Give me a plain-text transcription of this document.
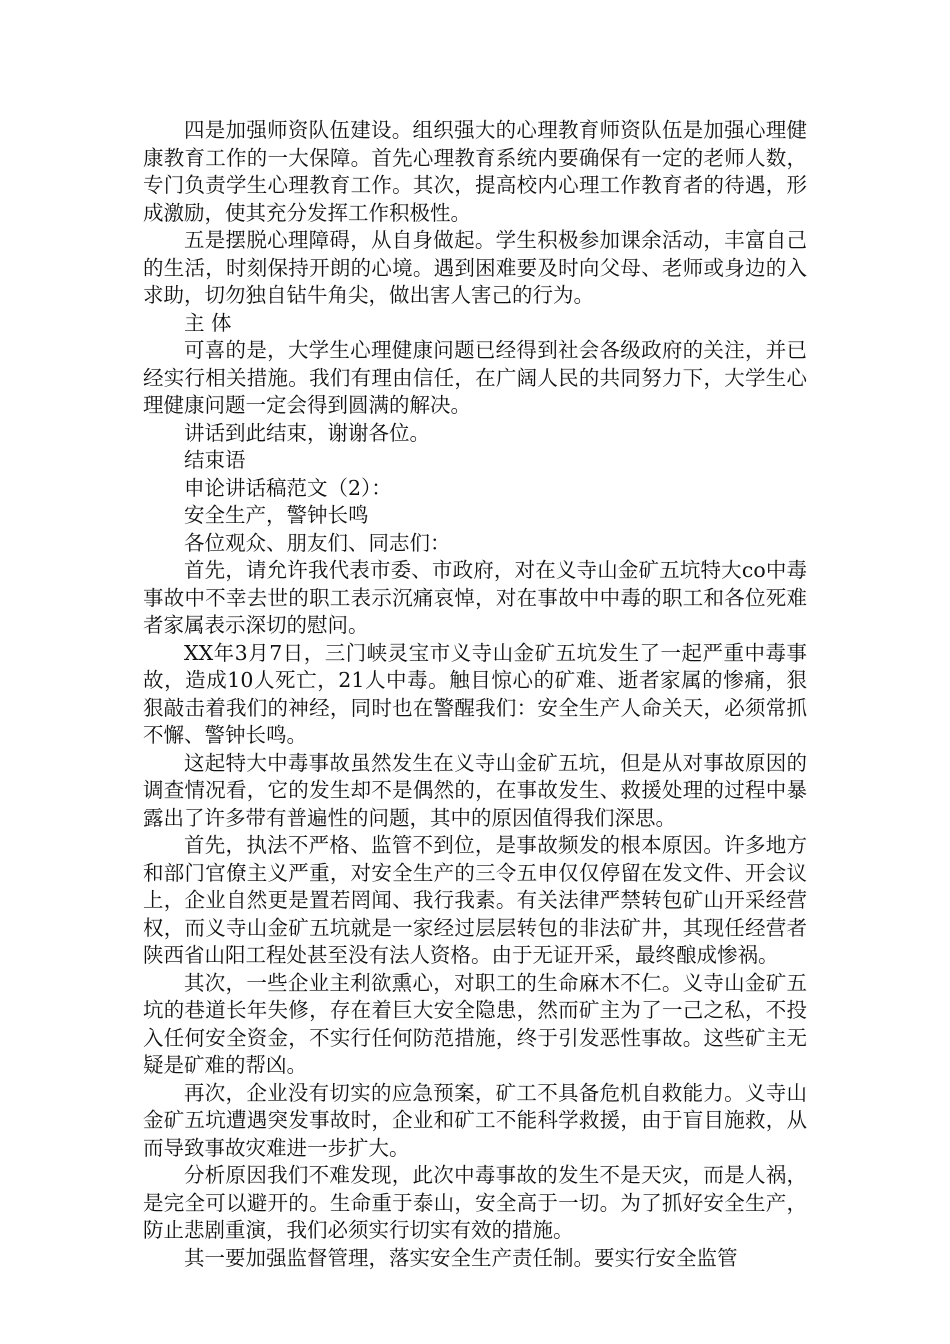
四是加强师资队伍建设。组织强大的心理教育师资队伍是加强心理健康教育工作的一大保障。首先心理教育系统内要确保有一定的老师人数，专门负责学生心理教育工作。其次，提高校内心理工作教育者的待遇，形成激励，使其充分发挥工作积极性。

五是摆脱心理障碍，从自身做起。学生积极参加课余活动，丰富自己的生活，时刻保持开朗的心境。遇到困难要及时向父母、老师或身边的入求助，切勿独自钻牛角尖，做出害人害己的行为。

主 体

可喜的是，大学生心理健康问题已经得到社会各级政府的关注，并已经实行相关措施。我们有理由信任，在广阔人民的共同努力下，大学生心理健康问题一定会得到圆满的解决。

讲话到此结束，谢谢各位。

结束语

申论讲话稿范文（2）：

安全生产，警钟长鸣

各位观众、朋友们、同志们：

首先，请允许我代表市委、市政府，对在义寺山金矿五坑特大co中毒事故中不幸去世的职工表示沉痛哀悼，对在事故中中毒的职工和各位死难者家属表示深切的慰问。

XX年3月7日，三门峡灵宝市义寺山金矿五坑发生了一起严重中毒事故，造成10人死亡，21人中毒。触目惊心的矿难、逝者家属的惨痛，狠狠敲击着我们的神经，同时也在警醒我们：安全生产人命关天，必须常抓不懈、警钟长鸣。

这起特大中毒事故虽然发生在义寺山金矿五坑，但是从对事故原因的调查情况看，它的发生却不是偶然的，在事故发生、救援处理的过程中暴露出了许多带有普遍性的问题，其中的原因值得我们深思。

首先，执法不严格、监管不到位，是事故频发的根本原因。许多地方和部门官僚主义严重，对安全生产的三令五申仅仅停留在发文件、开会议上，企业自然更是置若罔闻、我行我素。有关法律严禁转包矿山开采经营权，而义寺山金矿五坑就是一家经过层层转包的非法矿井，其现任经营者陕西省山阳工程处甚至没有法人资格。由于无证开采，最终酿成惨祸。

其次，一些企业主利欲熏心，对职工的生命麻木不仁。义寺山金矿五坑的巷道长年失修，存在着巨大安全隐患，然而矿主为了一己之私，不投入任何安全资金，不实行任何防范措施，终于引发恶性事故。这些矿主无疑是矿难的帮凶。

再次，企业没有切实的应急预案，矿工不具备危机自救能力。义寺山金矿五坑遭遇突发事故时，企业和矿工不能科学救援，由于盲目施救，从而导致事故灾难进一步扩大。

分析原因我们不难发现，此次中毒事故的发生不是天灾，而是人祸，是完全可以避开的。生命重于泰山，安全高于一切。为了抓好安全生产，防止悲剧重演，我们必须实行切实有效的措施。

其一要加强监督管理，落实安全生产责任制。要实行安全监管
